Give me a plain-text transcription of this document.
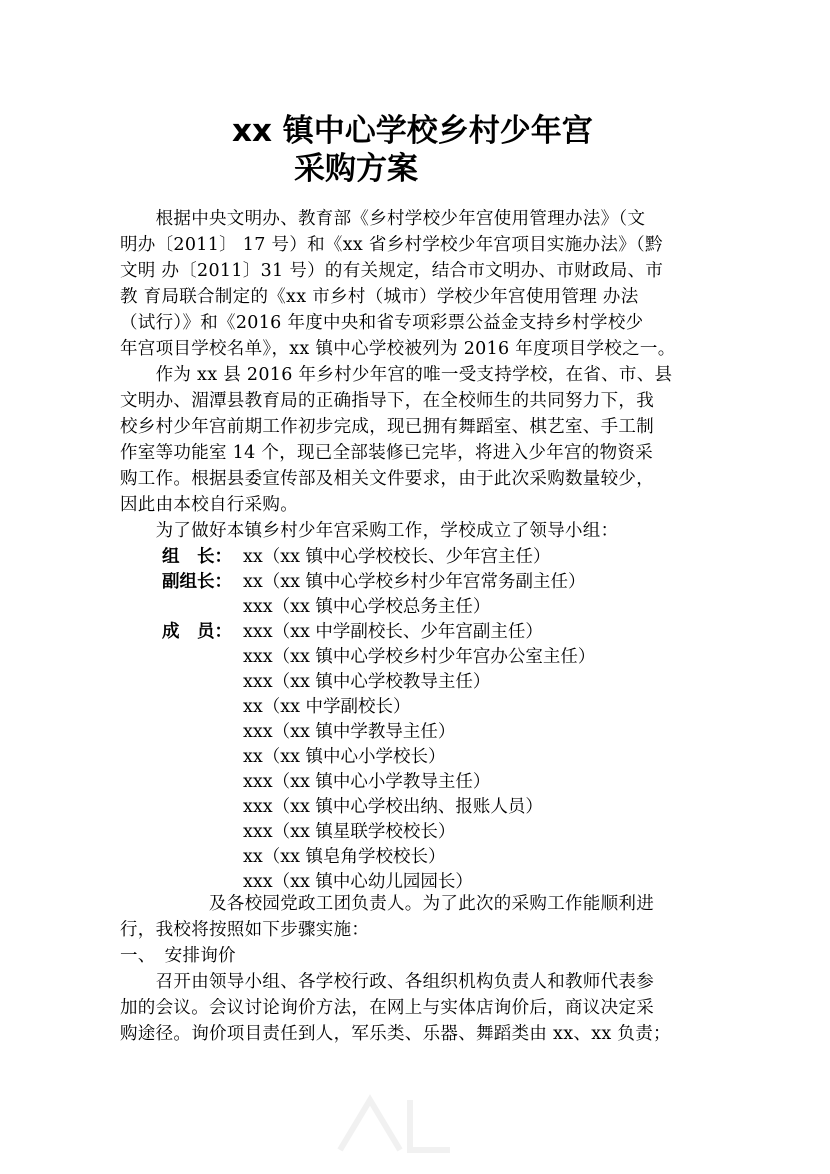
xx 镇中心学校乡村少年宫
采购方案
　　根据中央文明办、教育部《乡村学校少年宫使用管理办法》（文
明办〔2011〕 17 号）和《xx 省乡村学校少年宫项目实施办法》（黔
文明 办〔2011〕31 号）的有关规定，结合市文明办、市财政局、市
教 育局联合制定的《xx 市乡村（城市）学校少年宫使用管理 办法
（试行）》和《2016 年度中央和省专项彩票公益金支持乡村学校少
年宫项目学校名单》，xx 镇中心学校被列为 2016 年度项目学校之一。
　　作为 xx 县 2016 年乡村少年宫的唯一受支持学校，在省、市、县
文明办、湄潭县教育局的正确指导下，在全校师生的共同努力下，我
校乡村少年宫前期工作初步完成，现已拥有舞蹈室、棋艺室、手工制
作室等功能室 14 个，现已全部装修已完毕，将进入少年宫的物资采
购工作。根据县委宣传部及相关文件要求，由于此次采购数量较少，
因此由本校自行采购。
　　为了做好本镇乡村少年宫采购工作，学校成立了领导小组：
组　长： xx（xx 镇中心学校校长、少年宫主任）
副组长： xx（xx 镇中心学校乡村少年宫常务副主任）
xxx（xx 镇中心学校总务主任）
成　员： xxx（xx 中学副校长、少年宫副主任）
xxx（xx 镇中心学校乡村少年宫办公室主任）
xxx（xx 镇中心学校教导主任）
xx（xx 中学副校长）
xxx（xx 镇中学教导主任）
xx（xx 镇中心小学校长）
xxx（xx 镇中心小学教导主任）
xxx（xx 镇中心学校出纳、报账人员）
xxx（xx 镇星联学校校长）
xx（xx 镇皂角学校校长）
xxx（xx 镇中心幼儿园园长）
　　　　　及各校园党政工团负责人。为了此次的采购工作能顺利进
行，我校将按照如下步骤实施：
一、　安排询价
　　召开由领导小组、各学校行政、各组织机构负责人和教师代表参
加的会议。会议讨论询价方法，在网上与实体店询价后，商议决定采
购途径。询价项目责任到人，军乐类、乐器、舞蹈类由 xx、xx 负责；
